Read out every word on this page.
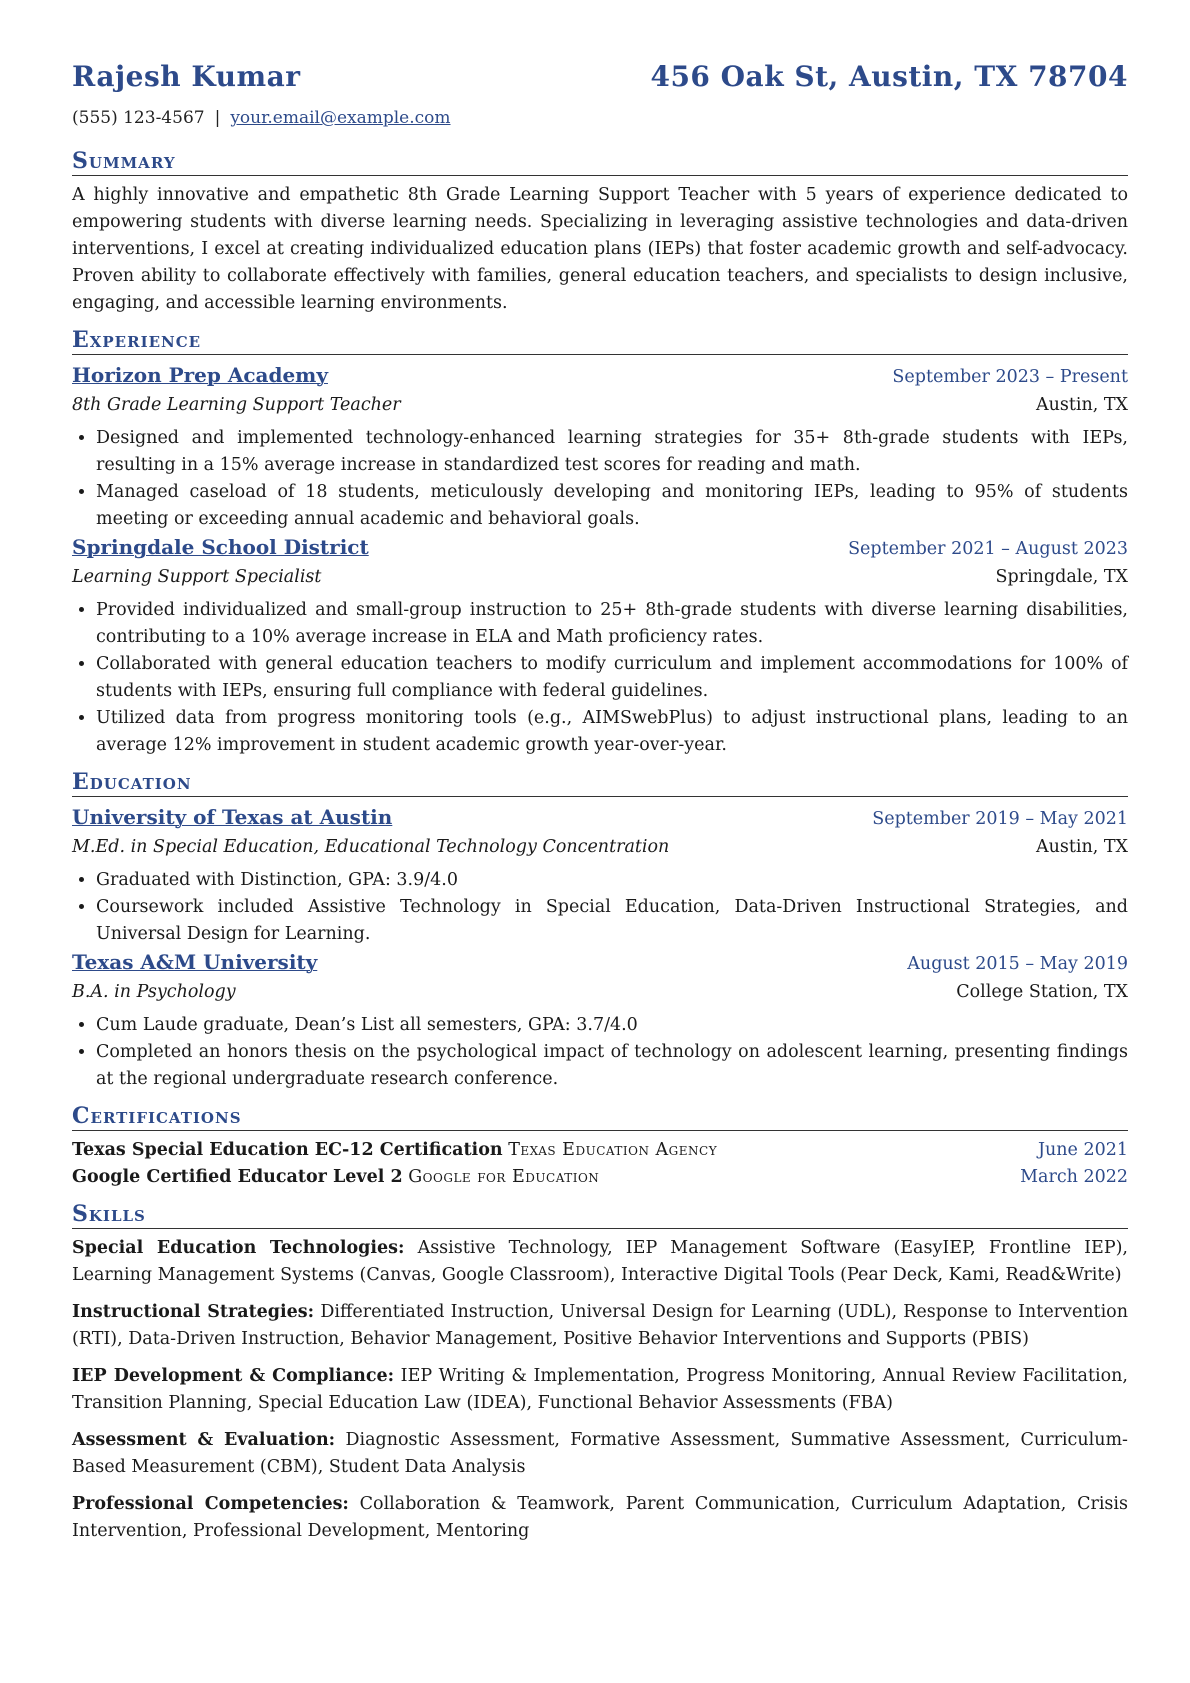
Rajesh Kumar	456 Oak St, Austin, TX 78704
(555) 123-4567 | your.email@example.com
Summary
A highly innovative and empathetic 8th Grade Learning Support Teacher with 5 years of experience dedicated to empowering students with diverse learning needs. Specializing in leveraging assistive technologies and data-driven interventions, I excel at creating individualized education plans (IEPs) that foster academic growth and self-advocacy. Proven ability to collaborate effectively with families, general education teachers, and specialists to design inclusive, engaging, and accessible learning environments.
Experience
Horizon Prep Academy	September 2023 – Present
8th Grade Learning Support Teacher	Austin, TX
• Designed and implemented technology-enhanced learning strategies for 35+ 8th-grade students with IEPs, resulting in a 15% average increase in standardized test scores for reading and math.
• Managed caseload of 18 students, meticulously developing and monitoring IEPs, leading to 95% of students meeting or exceeding annual academic and behavioral goals.
Springdale School District	September 2021 – August 2023
Learning Support Specialist	Springdale, TX
• Provided individualized and small-group instruction to 25+ 8th-grade students with diverse learning disabilities, contributing to a 10% average increase in ELA and Math proficiency rates.
• Collaborated with general education teachers to modify curriculum and implement accommodations for 100% of students with IEPs, ensuring full compliance with federal guidelines.
• Utilized data from progress monitoring tools (e.g., AIMSwebPlus) to adjust instructional plans, leading to an average 12% improvement in student academic growth year-over-year.
Education
University of Texas at Austin	September 2019 – May 2021
M.Ed. in Special Education, Educational Technology Concentration	Austin, TX
• Graduated with Distinction, GPA: 3.9/4.0
• Coursework included Assistive Technology in Special Education, Data-Driven Instructional Strategies, and Universal Design for Learning.
Texas A&M University	August 2015 – May 2019
B.A. in Psychology	College Station, TX
• Cum Laude graduate, Dean’s List all semesters, GPA: 3.7/4.0
• Completed an honors thesis on the psychological impact of technology on adolescent learning, presenting findings at the regional undergraduate research conference.
Certifications
Texas Special Education EC-12 Certification Texas Education Agency	June 2021
Google Certified Educator Level 2 Google for Education	March 2022
Skills
Special Education Technologies: Assistive Technology, IEP Management Software (EasyIEP, Frontline IEP), Learning Management Systems (Canvas, Google Classroom), Interactive Digital Tools (Pear Deck, Kami, Read&Write)
Instructional Strategies: Differentiated Instruction, Universal Design for Learning (UDL), Response to Intervention (RTI), Data-Driven Instruction, Behavior Management, Positive Behavior Interventions and Supports (PBIS)
IEP Development & Compliance: IEP Writing & Implementation, Progress Monitoring, Annual Review Facilitation, Transition Planning, Special Education Law (IDEA), Functional Behavior Assessments (FBA)
Assessment & Evaluation: Diagnostic Assessment, Formative Assessment, Summative Assessment, Curriculum-Based Measurement (CBM), Student Data Analysis
Professional Competencies: Collaboration & Teamwork, Parent Communication, Curriculum Adaptation, Crisis Intervention, Professional Development, Mentoring
